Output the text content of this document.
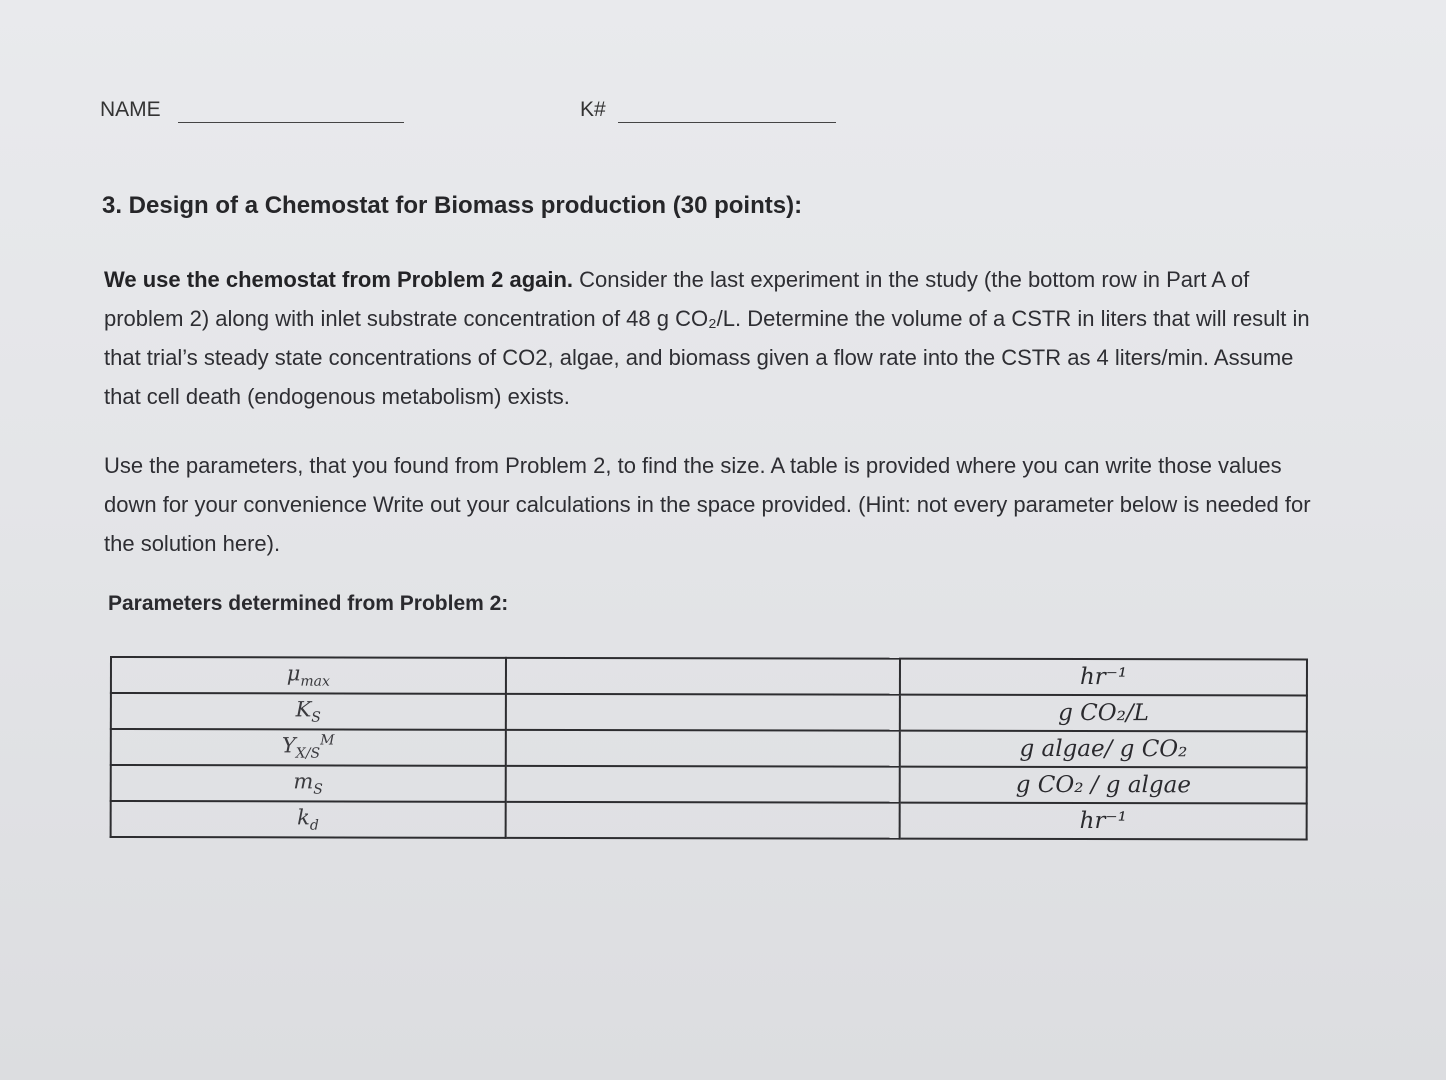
NAME	K#
3. Design of a Chemostat for Biomass production (30 points):

We use the chemostat from Problem 2 again. Consider the last experiment in the study (the bottom row in Part A of problem 2) along with inlet substrate concentration of 48 g CO₂/L. Determine the volume of a CSTR in liters that will result in that trial’s steady state concentrations of CO2, algae, and biomass given a flow rate into the CSTR as 4 liters/min. Assume that cell death (endogenous metabolism) exists.

Use the parameters, that you found from Problem 2, to find the size. A table is provided where you can write those values down for your convenience Write out your calculations in the space provided. (Hint: not every parameter below is needed for the solution here).

Parameters determined from Problem 2:

$\mu_{max}$		hr⁻¹
$K_S$		g CO₂/L
$Y_{X/S}^M$		g algae/ g CO₂
$m_S$		g CO₂ / g algae
$k_d$		hr⁻¹
